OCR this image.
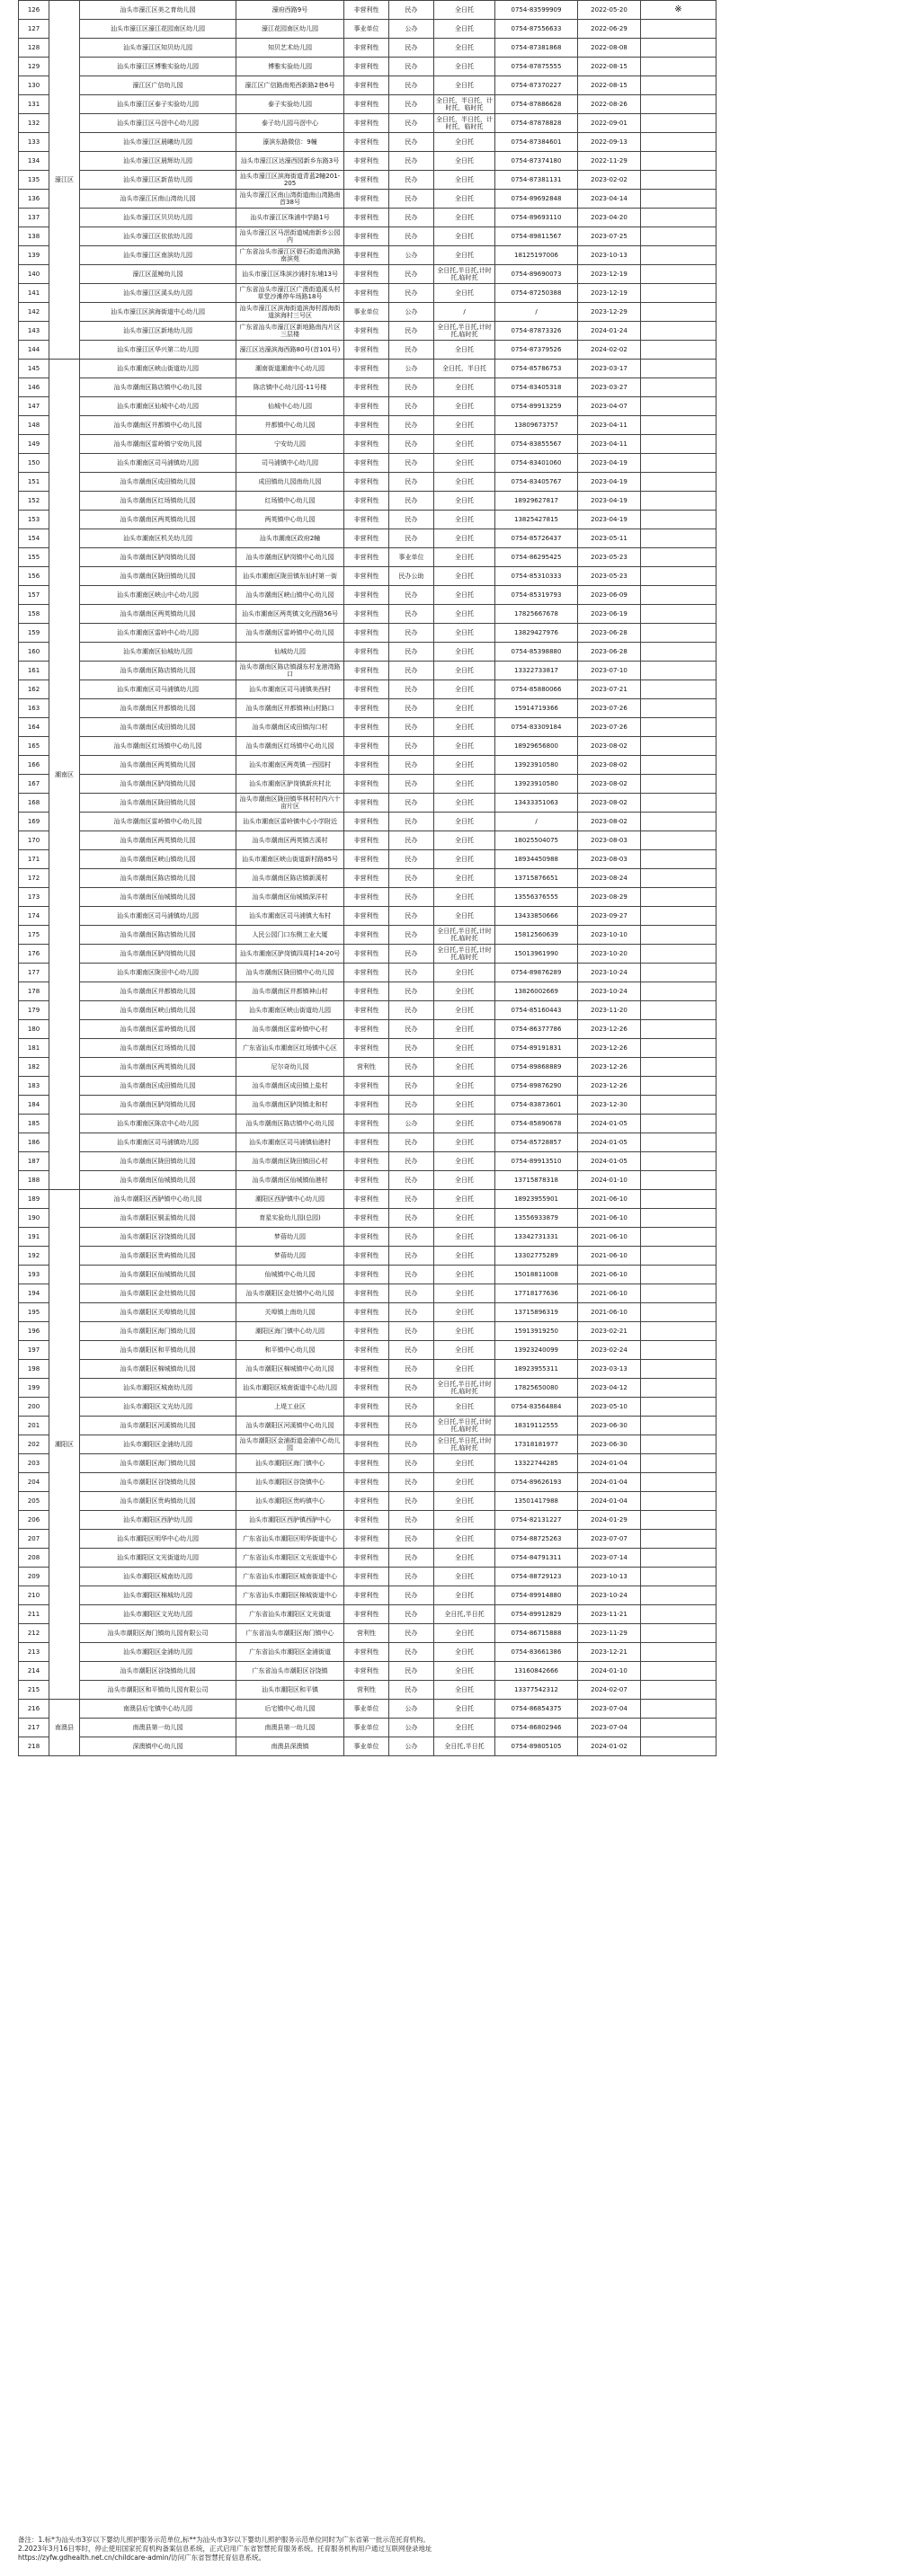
126	濠江区	汕头市濠江区美之育幼儿园	濠府西路9号	非营利性	民办	全日托	0754-83599909	2022-05-20	※
127		汕头市濠江区濠江花园南区幼儿园	濠江花园南区幼儿园	事业单位	公办	全日托	0754-87556633	2022-06-29	
128		汕头市濠江区知贝幼儿园	知贝艺术幼儿园	非营利性	民办	全日托	0754-87381868	2022-08-08	
129		汕头市濠江区博雅实验幼儿园	博雅实验幼儿园	非营利性	民办	全日托	0754-87875555	2022-08-15	
130		濠江区广信幼儿园	濠江区广信路南苑西新路2巷6号	非营利性	民办	全日托	0754-87370227	2022-08-15	
131		汕头市濠江区泰子实验幼儿园	泰子实验幼儿园	非营利性	民办	全日托，半日托，计时托，临时托	0754-87886628	2022-08-26	
132		汕头市濠江区马滘中心幼儿园	泰子幼儿园马滘中心	非营利性	民办	全日托，半日托，计时托，临时托	0754-87878828	2022-09-01	
133		汕头市濠江区晨曦幼儿园	濠滨东路微信：9幢	非营利性	民办	全日托	0754-87384601	2022-09-13	
134		汕头市濠江区晨辉幼儿园	汕头市濠江区达濠西园新乡东路3号	非营利性	民办	全日托	0754-87374180	2022-11-29	
135		汕头市濠江区新苗幼儿园	汕头市濠江区滨海街道青蓝2幢201-205	非营利性	民办	全日托	0754-87381131	2023-02-02	
136		汕头市濠江区南山湾幼儿园	汕头市濠江区南山湾街道南山湾路南首38号	非营利性	民办	全日托	0754-89692848	2023-04-14	
137		汕头市濠江区贝贝幼儿园	汕头市濠江区珠浦中学路1号	非营利性	民办	全日托	0754-89693110	2023-04-20	
138		汕头市濠江区依依幼儿园	汕头市濠江区马滘街道城南新乡公园内	非营利性	民办	全日托	0754-89811567	2023-07-25	
139		汕头市濠江区南滨幼儿园	广东省汕头市濠江区礐石街道南滨路南滨苑	非营利性	公办	全日托	18125197006	2023-10-13	
140		濠江区蓝鲸幼儿园	汕头市濠江区珠滨沙浦村东埔13号	非营利性	民办	全日托,半日托,计时托,临时托	0754-89690073	2023-12-19	
141		汕头市濠江区溪头幼儿园	广东省汕头市濠江区广澳街道溪头村草堂沙滩停车场路18号	非营利性	民办	全日托	0754-87250388	2023-12-19	
142		汕头市濠江区滨海街道中心幼儿园	汕头市濠江区滨海街道滨海村源海街道滨海村三号区	事业单位	公办	/	/	2023-12-29	
143		汕头市濠江区新地幼儿园	广东省汕头市濠江区新地路南沟片区三层楼	非营利性	民办	全日托,半日托,计时托,临时托	0754-87873326	2024-01-24	
144		汕头市濠江区华兴第二幼儿园	濠江区达濠滨海西路80号(首101号)	非营利性	民办	全日托	0754-87379526	2024-02-02	
145	潮南区	汕头市潮南区峡山街道幼儿园	潮南街道潮南中心幼儿园	非营利性	公办	全日托，半日托	0754-85786753	2023-03-17	
146		汕头市潮南区陈店镇中心幼儿园	陈店镇中心幼儿园-11号楼	非营利性	民办	全日托	0754-83405318	2023-03-27	
147		汕头市潮南区仙城中心幼儿园	仙城中心幼儿园	非营利性	民办	全日托	0754-89913259	2023-04-07	
148		汕头市潮南区井都镇中心幼儿园	井都镇中心幼儿园	非营利性	民办	全日托	13809673757	2023-04-11	
149		汕头市潮南区雷岭镇宁安幼儿园	宁安幼儿园	非营利性	民办	全日托	0754-83855567	2023-04-11	
150		汕头市潮南区司马浦镇幼儿园	司马浦镇中心幼儿园	非营利性	民办	全日托	0754-83401060	2023-04-19	
151		汕头市潮南区成田镇幼儿园	成田镇幼儿园南幼儿园	非营利性	民办	全日托	0754-83405767	2023-04-19	
152		汕头市潮南区红场镇幼儿园	红场镇中心幼儿园	非营利性	民办	全日托	18929627817	2023-04-19	
153		汕头市潮南区两英镇幼儿园	两英镇中心幼儿园	非营利性	民办	全日托	13825427815	2023-04-19	
154		汕头市潮南区机关幼儿园	汕头市潮南区政府2幢	非营利性	民办	全日托	0754-85726437	2023-05-11	
155		汕头市潮南区胪岗镇幼儿园	汕头市潮南区胪岗镇中心幼儿园	非营利性	事业单位	全日托	0754-86295425	2023-05-23	
156		汕头市潮南区陇田镇幼儿园	汕头市潮南区陇田镇东仙村第一街	非营利性	民办公助	全日托	0754-85310333	2023-05-23	
157		汕头市潮南区峡山中心幼儿园	汕头市潮南区峡山镇中心幼儿园	非营利性	民办	全日托	0754-85319793	2023-06-09	
158		汕头市潮南区两英镇幼儿园	汕头市潮南区两英镇文化西路56号	非营利性	民办	全日托	17825667678	2023-06-19	
159		汕头市潮南区雷岭中心幼儿园	汕头市潮南区雷岭镇中心幼儿园	非营利性	民办	全日托	13829427976	2023-06-28	
160		汕头市潮南区仙城幼儿园	仙城幼儿园	非营利性	民办	全日托	0754-85398880	2023-06-28	
161		汕头市潮南区陈店镇幼儿园	汕头市潮南区陈店镇湖东村龙港湾路口	非营利性	民办	全日托	13322733817	2023-07-10	
162		汕头市潮南区司马浦镇幼儿园	汕头市潮南区司马浦镇美西村	非营利性	民办	全日托	0754-85880066	2023-07-21	
163		汕头市潮南区井都镇幼儿园	汕头市潮南区井都镇神山村路口	非营利性	民办	全日托	15914719366	2023-07-26	
164		汕头市潮南区成田镇幼儿园	汕头市潮南区成田镇沟口村	非营利性	民办	全日托	0754-83309184	2023-07-26	
165		汕头市潮南区红场镇中心幼儿园	汕头市潮南区红场镇中心幼儿园	非营利性	民办	全日托	18929656800	2023-08-02	
166		汕头市潮南区两英镇幼儿园	汕头市潮南区两英镇一西园村	非营利性	民办	全日托	13923910580	2023-08-02	
167		汕头市潮南区胪岗镇幼儿园	汕头市潮南区胪岗镇新庆村北	非营利性	民办	全日托	13923910580	2023-08-02	
168		汕头市潮南区陇田镇幼儿园	汕头市潮南区陇田镇华林村村内六十亩片区	非营利性	民办	全日托	13433351063	2023-08-02	
169		汕头市潮南区雷岭镇中心幼儿园	汕头市潮南区雷岭镇中心小学附近	非营利性	民办	全日托	/	2023-08-02	
170		汕头市潮南区两英镇幼儿园	汕头市潮南区两英镇古溪村	非营利性	民办	全日托	18025504075	2023-08-03	
171		汕头市潮南区峡山镇幼儿园	汕头市潮南区峡山街道新村路85号	非营利性	民办	全日托	18934450988	2023-08-03	
172		汕头市潮南区陈店镇幼儿园	汕头市潮南区陈店镇新溪村	非营利性	民办	全日托	13715876651	2023-08-24	
173		汕头市潮南区仙城镇幼儿园	汕头市潮南区仙城镇深洋村	非营利性	民办	全日托	13556376555	2023-08-29	
174		汕头市潮南区司马浦镇幼儿园	汕头市潮南区司马浦镇大布村	非营利性	民办	全日托	13433850666	2023-09-27	
175		汕头市潮南区陈店镇幼儿园	人民公园门口东侧工业大厦	非营利性	民办	全日托,半日托,计时托,临时托	15812560639	2023-10-10	
176		汕头市潮南区胪岗镇幼儿园	汕头市潮南区胪岗镇四周村14-20号	非营利性	民办	全日托,半日托,计时托,临时托	15013961990	2023-10-20	
177		汕头市潮南区陇田中心幼儿园	汕头市潮南区陇田镇中心幼儿园	非营利性	民办	全日托	0754-89876289	2023-10-24	
178		汕头市潮南区井都镇幼儿园	汕头市潮南区井都镇神山村	非营利性	民办	全日托	13826002669	2023-10-24	
179		汕头市潮南区峡山镇幼儿园	汕头市潮南区峡山街道幼儿园	非营利性	民办	全日托	0754-85160443	2023-11-20	
180		汕头市潮南区雷岭镇幼儿园	汕头市潮南区雷岭镇中心村	非营利性	民办	全日托	0754-86377786	2023-12-26	
181		汕头市潮南区红场镇幼儿园	广东省汕头市潮南区红场镇中心区	非营利性	民办	全日托	0754-89191831	2023-12-26	
182		汕头市潮南区两英镇幼儿园	尼尔奇幼儿园	营利性	民办	全日托	0754-89868889	2023-12-26	
183		汕头市潮南区成田镇幼儿园	汕头市潮南区成田镇上盐村	非营利性	民办	全日托	0754-89876290	2023-12-26	
184		汕头市潮南区胪岗镇幼儿园	汕头市潮南区胪岗镇北和村	非营利性	民办	全日托	0754-83873601	2023-12-30	
185		汕头市潮南区陈店中心幼儿园	汕头市潮南区陈店镇中心幼儿园	非营利性	公办	全日托	0754-85890678	2024-01-05	
186		汕头市潮南区司马浦镇幼儿园	汕头市潮南区司马浦镇仙港村	非营利性	民办	全日托	0754-85728857	2024-01-05	
187		汕头市潮南区陇田镇幼儿园	汕头市潮南区陇田镇田心村	非营利性	民办	全日托	0754-89913510	2024-01-05	
188		汕头市潮南区仙城镇幼儿园	汕头市潮南区仙城镇仙港村	非营利性	民办	全日托	13715878318	2024-01-10	
189	潮阳区	汕头市潮阳区西胪镇中心幼儿园	潮阳区西胪镇中心幼儿园	非营利性	民办	全日托	18923955901	2021-06-10	
190		汕头市潮阳区铜盂镇幼儿园	育星实验幼儿园(总园)	非营利性	民办	全日托	13556933879	2021-06-10	
191		汕头市潮阳区谷饶镇幼儿园	梦蓓幼儿园	非营利性	民办	全日托	13342731331	2021-06-10	
192		汕头市潮阳区贵屿镇幼儿园	梦蓓幼儿园	非营利性	民办	全日托	13302775289	2021-06-10	
193		汕头市潮阳区仙城镇幼儿园	仙城镇中心幼儿园	非营利性	民办	全日托	15018811008	2021-06-10	
194		汕头市潮阳区金灶镇幼儿园	汕头市潮阳区金灶镇中心幼儿园	非营利性	民办	全日托	17718177636	2021-06-10	
195		汕头市潮阳区关埠镇幼儿园	关埠镇上南幼儿园	非营利性	民办	全日托	13715896319	2021-06-10	
196		汕头市潮阳区海门镇幼儿园	潮阳区海门镇中心幼儿园	非营利性	民办	全日托	15913919250	2023-02-21	
197		汕头市潮阳区和平镇幼儿园	和平镇中心幼儿园	非营利性	民办	全日托	13923240099	2023-02-24	
198		汕头市潮阳区棉城镇幼儿园	汕头市潮阳区棉城镇中心幼儿园	非营利性	民办	全日托	18923955311	2023-03-13	
199		汕头市潮阳区城南幼儿园	汕头市潮阳区城南街道中心幼儿园	非营利性	民办	全日托,半日托,计时托,临时托	17825650080	2023-04-12	
200		汕头市潮阳区文光幼儿园	上堤工业区	非营利性	民办	全日托	0754-83564884	2023-05-10	
201		汕头市潮阳区河溪镇幼儿园	汕头市潮阳区河溪镇中心幼儿园	非营利性	民办	全日托,半日托,计时托,临时托	18319112555	2023-06-30	
202		汕头市潮阳区金浦幼儿园	汕头市潮阳区金浦街道金浦中心幼儿园	非营利性	民办	全日托,半日托,计时托,临时托	17318181977	2023-06-30	
203		汕头市潮阳区海门镇幼儿园	汕头市潮阳区海门镇中心	非营利性	民办	全日托	13322744285	2024-01-04	
204		汕头市潮阳区谷饶镇幼儿园	汕头市潮阳区谷饶镇中心	非营利性	民办	全日托	0754-89626193	2024-01-04	
205		汕头市潮阳区贵屿镇幼儿园	汕头市潮阳区贵屿镇中心	非营利性	民办	全日托	13501417988	2024-01-04	
206		汕头市潮阳区西胪幼儿园	汕头市潮阳区西胪镇西胪中心	非营利性	民办	全日托	0754-82131227	2024-01-29	
207		汕头市潮阳区明华中心幼儿园	广东省汕头市潮阳区明华街道中心	非营利性	民办	全日托	0754-88725263	2023-07-07	
208		汕头市潮阳区文光街道幼儿园	广东省汕头市潮阳区文光街道中心	非营利性	民办	全日托	0754-84791311	2023-07-14	
209		汕头市潮阳区城南幼儿园	广东省汕头市潮阳区城南街道中心	非营利性	民办	全日托	0754-88729123	2023-10-13	
210		汕头市潮阳区棉城幼儿园	广东省汕头市潮阳区棉城街道中心	非营利性	民办	全日托	0754-89914880	2023-10-24	
211		汕头市潮阳区文光幼儿园	广东省汕头市潮阳区文光街道	非营利性	民办	全日托,半日托	0754-89912829	2023-11-21	
212		汕头市潮阳区海门镇幼儿园有限公司	广东省汕头市潮阳区海门镇中心	营利性	民办	全日托	0754-86715888	2023-11-29	
213		汕头市潮阳区金浦幼儿园	广东省汕头市潮阳区金浦街道	非营利性	民办	全日托	0754-83661386	2023-12-21	
214		汕头市潮阳区谷饶镇幼儿园	广东省汕头市潮阳区谷饶镇	非营利性	民办	全日托	13160842666	2024-01-10	
215		汕头市潮阳区和平镇幼儿园有限公司	汕头市潮阳区和平镇	营利性	民办	全日托	13377542312	2024-02-07	
216	南澳县	南澳县后宅镇中心幼儿园	后宅镇中心幼儿园	事业单位	公办	全日托	0754-86854375	2023-07-04	
217		南澳县第一幼儿园	南澳县第一幼儿园	事业单位	公办	全日托	0754-86802946	2023-07-04	
218		深澳镇中心幼儿园	南澳县深澳镇	事业单位	公办	全日托,半日托	0754-89805105	2024-01-02	

备注：1.标*为汕头市3岁以下婴幼儿照护服务示范单位,标**为汕头市3岁以下婴幼儿照护服务示范单位同时为广东省第一批示范托育机构。

2.2023年3月16日零时，停止使用国家托育机构备案信息系统，正式启用广东省智慧托育服务系统。托育服务机构用户通过互联网登录地址

https://zyfw.gdhealth.net.cn/childcare-admin/访问广东省智慧托育信息系统。
